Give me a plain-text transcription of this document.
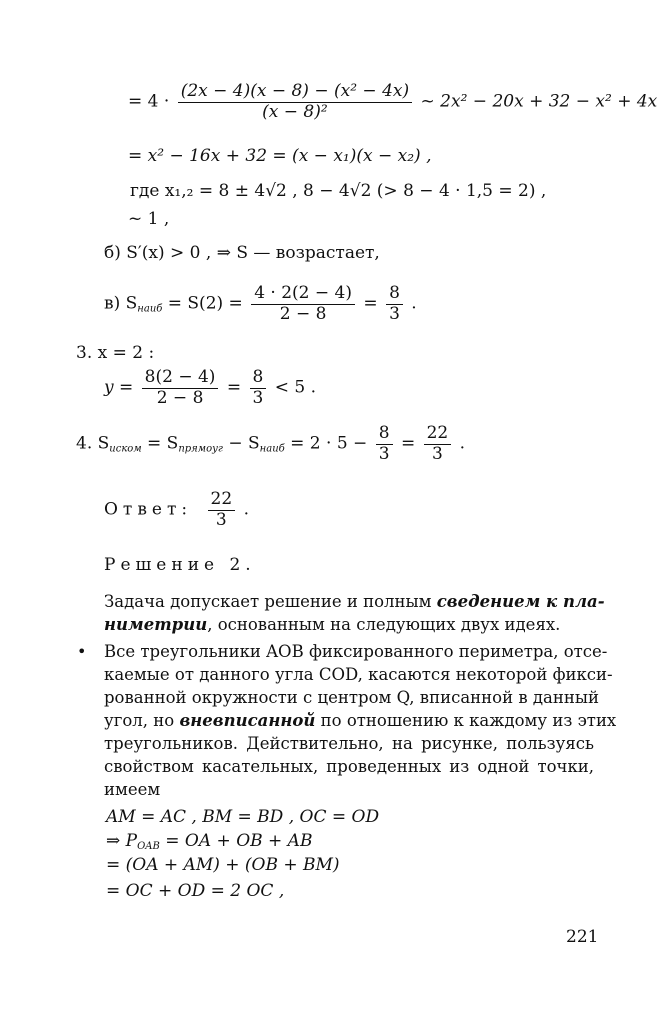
= $4 \cdot \frac{\text{(2x − 4)(x − 8) − (x² − 4x)}}{\text{(x − 8)²}}$ ~ 2x² − 20x + 32 − x² + 4x
= x² − 16x + 32 = (x − x₁)(x − x₂) ,
где x₁,₂ = 8 ± 4√2 , 8 − 4√2 (> 8 − 4 · 1,5 = 2) ,
~ 1 ,
б) S′(x) > 0 , ⇒ S — возрастает,
в) $S_{наиб} = S(2) = \frac{4 \cdot 2(2 - 4)}{2 - 8} = \frac{8}{3}$ .
3. x = 2 :
$y = \frac{8(2 - 4)}{2 - 8} = \frac{8}{3} < 5$ .
4. $S_{иском} = S_{прямоуг} - S_{наиб} = 2 \cdot 5 - \frac{8}{3} = \frac{22}{3}$ .
Ответ: $\frac{22}{3}$ .
Решение 2.
Задача допускает решение и полным сведением к пла-
ниметрии, основанным на следующих двух идеях.
• Все треугольники AOB фиксированного периметра, отсе-
каемые от данного угла COD, касаются некоторой фикси-
рованной окружности с центром Q, вписанной в данный
угол, но вневписанной по отношению к каждому из этих
треугольников. Действительно, на рисунке, пользуясь
свойством касательных, проведенных из одной точки,
имеем
AM = AC , BM = BD , OC = OD
⇒ $P_{OAB}$ = OA + OB + AB
= (OA + AM) + (OB + BM)
= OC + OD = 2 OC ,
221
